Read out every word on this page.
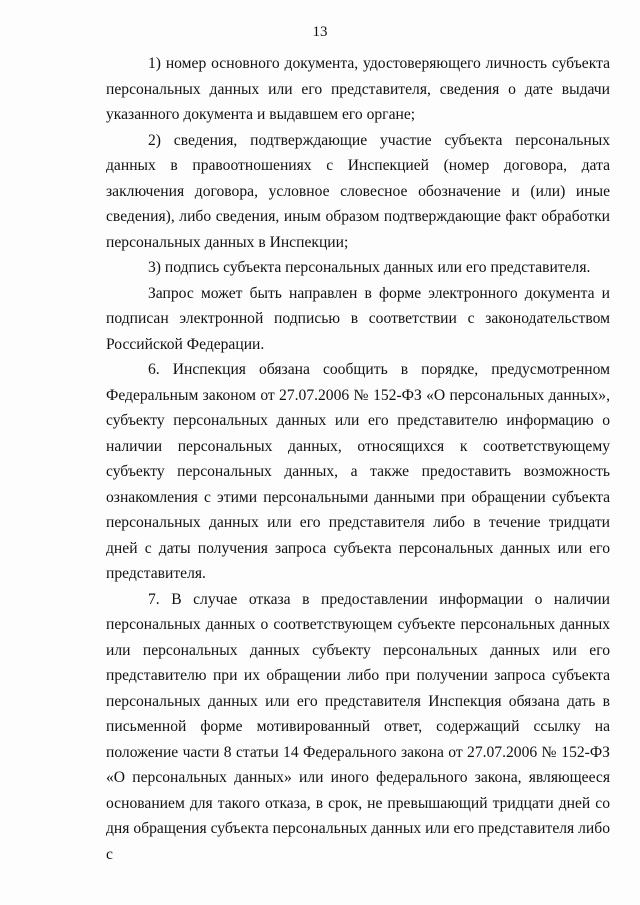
13

1) номер основного документа, удостоверяющего личность субъекта персональных данных или его представителя, сведения о дате выдачи указанного документа и выдавшем его органе;

2) сведения, подтверждающие участие субъекта персональных данных в правоотношениях с Инспекцией (номер договора, дата заключения договора, условное словесное обозначение и (или) иные сведения), либо сведения, иным образом подтверждающие факт обработки персональных данных в Инспекции;

3) подпись субъекта персональных данных или его представителя.

Запрос может быть направлен в форме электронного документа и подписан электронной подписью в соответствии с законодательством Российской Федерации.

6. Инспекция обязана сообщить в порядке, предусмотренном Федеральным законом от 27.07.2006 № 152-ФЗ «О персональных данных», субъекту персональных данных или его представителю информацию о наличии персональных данных, относящихся к соответствующему субъекту персональных данных, а также предоставить возможность ознакомления с этими персональными данными при обращении субъекта персональных данных или его представителя либо в течение тридцати дней с даты получения запроса субъекта персональных данных или его представителя.

7. В случае отказа в предоставлении информации о наличии персональных данных о соответствующем субъекте персональных данных или персональных данных субъекту персональных данных или его представителю при их обращении либо при получении запроса субъекта персональных данных или его представителя Инспекция обязана дать в письменной форме мотивированный ответ, содержащий ссылку на положение части 8 статьи 14 Федерального закона от 27.07.2006 № 152-ФЗ «О персональных данных» или иного федерального закона, являющееся основанием для такого отказа, в срок, не превышающий тридцати дней со дня обращения субъекта персональных данных или его представителя либо с
